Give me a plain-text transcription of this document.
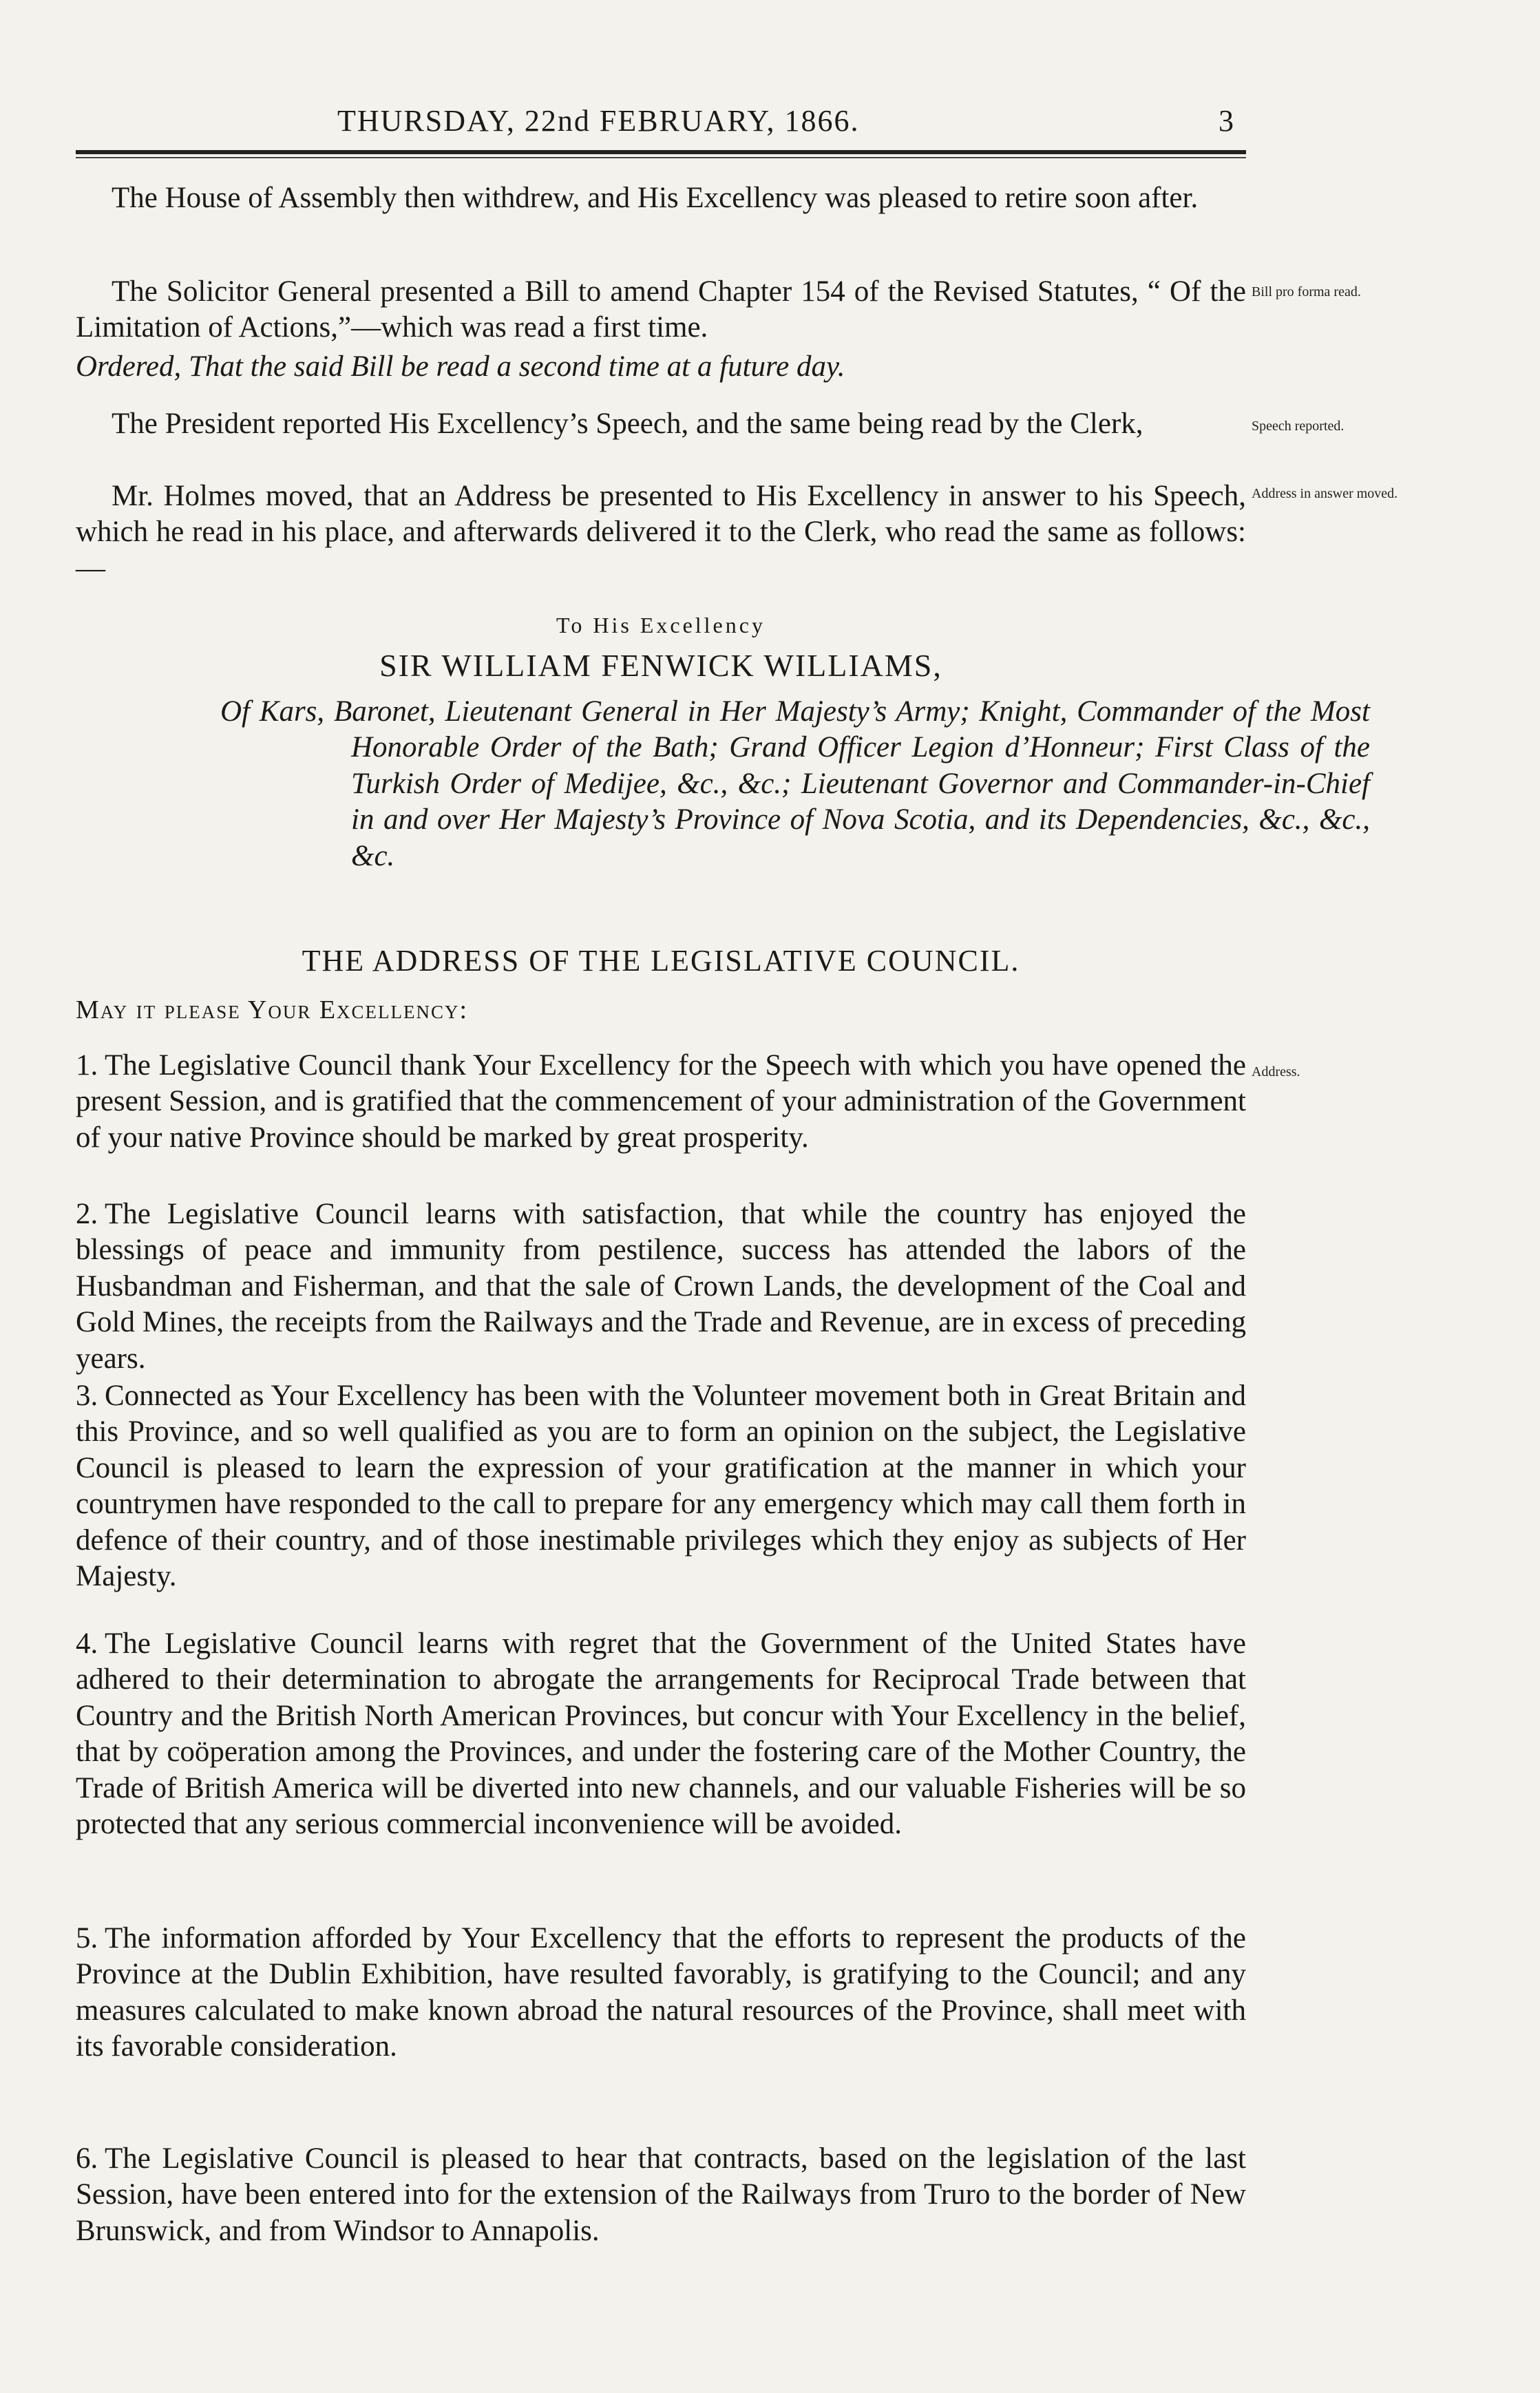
THURSDAY, 22nd FEBRUARY, 1866.	3

The House of Assembly then withdrew, and His Excellency was pleased to retire soon after.

The Solicitor General presented a Bill to amend Chapter 154 of the Revised Statutes, “ Of the Limitation of Actions,”—which was read a first time.

Bill pro forma read.

Ordered, That the said Bill be read a second time at a future day.

The President reported His Excellency’s Speech, and the same being read by the Clerk,	Speech reported.

Mr. Holmes moved, that an Address be presented to His Excellency in answer to his Speech, which he read in his place, and afterwards delivered it to the Clerk, who read the same as follows:—

Address in answer moved.
To His Excellency
SIR WILLIAM FENWICK WILLIAMS,
Of Kars, Baronet, Lieutenant General in Her Majesty’s Army; Knight, Commander of the Most Honorable Order of the Bath; Grand Officer Legion d’Honneur; First Class of the Turkish Order of Medijee, &c., &c.; Lieutenant Governor and Commander-in-Chief in and over Her Majesty’s Province of Nova Scotia, and its Dependencies, &c., &c., &c.
THE ADDRESS OF THE LEGISLATIVE COUNCIL.
May it please Your Excellency:
1. The Legislative Council thank Your Excellency for the Speech with which you have opened the present Session, and is gratified that the commencement of your administration of the Government of your native Province should be marked by great prosperity.
Address.
2. The Legislative Council learns with satisfaction, that while the country has enjoyed the blessings of peace and immunity from pestilence, success has attended the labors of the Husbandman and Fisherman, and that the sale of Crown Lands, the development of the Coal and Gold Mines, the receipts from the Railways and the Trade and Revenue, are in excess of preceding years.
3. Connected as Your Excellency has been with the Volunteer movement both in Great Britain and this Province, and so well qualified as you are to form an opinion on the subject, the Legislative Council is pleased to learn the expression of your gratification at the manner in which your countrymen have responded to the call to prepare for any emergency which may call them forth in defence of their country, and of those inestimable privileges which they enjoy as subjects of Her Majesty.
4. The Legislative Council learns with regret that the Government of the United States have adhered to their determination to abrogate the arrangements for Reciprocal Trade between that Country and the British North American Provinces, but concur with Your Excellency in the belief, that by coöperation among the Provinces, and under the fostering care of the Mother Country, the Trade of British America will be diverted into new channels, and our valuable Fisheries will be so protected that any serious commercial inconvenience will be avoided.
5. The information afforded by Your Excellency that the efforts to represent the products of the Province at the Dublin Exhibition, have resulted favorably, is gratifying to the Council; and any measures calculated to make known abroad the natural resources of the Province, shall meet with its favorable consideration.
6. The Legislative Council is pleased to hear that contracts, based on the legislation of the last Session, have been entered into for the extension of the Railways from Truro to the border of New Brunswick, and from Windsor to Annapolis.
